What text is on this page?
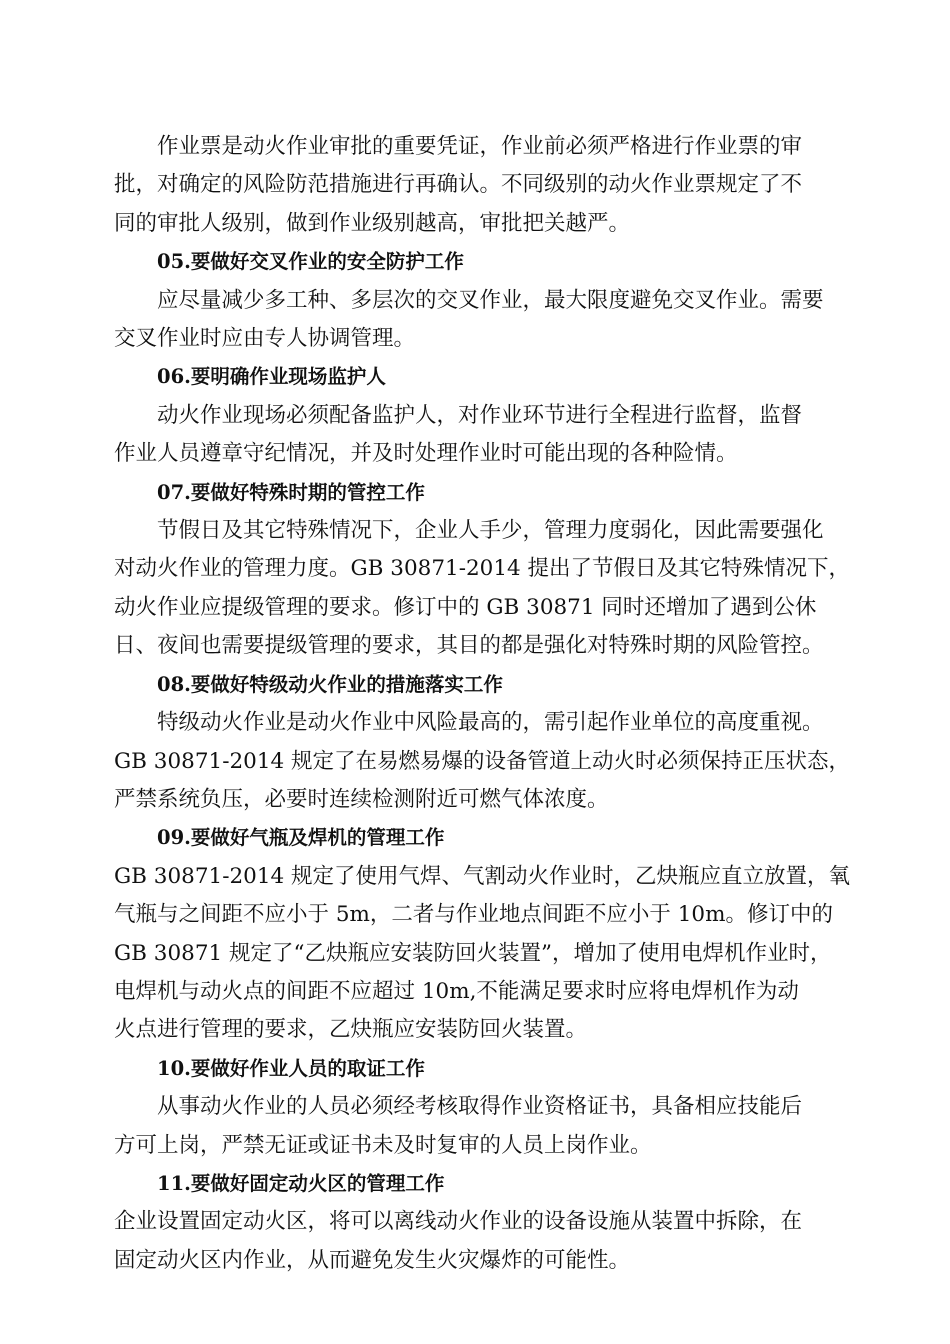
作业票是动火作业审批的重要凭证，作业前必须严格进行作业票的审
批，对确定的风险防范措施进行再确认。不同级别的动火作业票规定了不
同的审批人级别，做到作业级别越高，审批把关越严。

05.要做好交叉作业的安全防护工作

应尽量减少多工种、多层次的交叉作业，最大限度避免交叉作业。需要
交叉作业时应由专人协调管理。

06.要明确作业现场监护人

动火作业现场必须配备监护人，对作业环节进行全程进行监督，监督
作业人员遵章守纪情况，并及时处理作业时可能出现的各种险情。

07.要做好特殊时期的管控工作

节假日及其它特殊情况下，企业人手少，管理力度弱化，因此需要强化
对动火作业的管理力度。GB 30871-2014 提出了节假日及其它特殊情况下，
动火作业应提级管理的要求。修订中的 GB 30871 同时还增加了遇到公休
日、夜间也需要提级管理的要求，其目的都是强化对特殊时期的风险管控。

08.要做好特级动火作业的措施落实工作

特级动火作业是动火作业中风险最高的，需引起作业单位的高度重视。
GB 30871-2014 规定了在易燃易爆的设备管道上动火时必须保持正压状态，
严禁系统负压，必要时连续检测附近可燃气体浓度。

09.要做好气瓶及焊机的管理工作

GB 30871-2014 规定了使用气焊、气割动火作业时，乙炔瓶应直立放置，氧
气瓶与之间距不应小于 5m，二者与作业地点间距不应小于 10m。修订中的
GB 30871 规定了“乙炔瓶应安装防回火装置”，增加了使用电焊机作业时，
电焊机与动火点的间距不应超过 10m,不能满足要求时应将电焊机作为动
火点进行管理的要求，乙炔瓶应安装防回火装置。

10.要做好作业人员的取证工作

从事动火作业的人员必须经考核取得作业资格证书，具备相应技能后
方可上岗，严禁无证或证书未及时复审的人员上岗作业。

11.要做好固定动火区的管理工作

企业设置固定动火区，将可以离线动火作业的设备设施从装置中拆除，在
固定动火区内作业，从而避免发生火灾爆炸的可能性。
